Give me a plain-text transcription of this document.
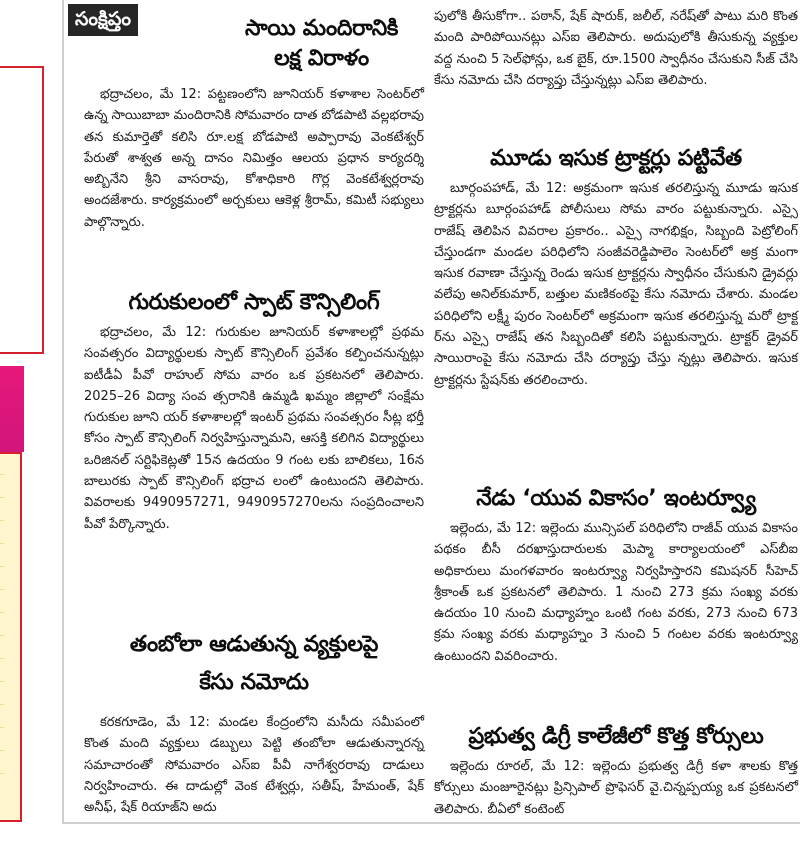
సంక్షిప్తం	సాయి మందిరానికి

లక్ష విరాళం

భద్రాచలం, మే 12: పట్టణంలోని జూనియర్ కళాశాల సెంటర్‌లో ఉన్న సాయిబాబా మందిరానికి సోమవారం దాత బోడపాటి వల్లభరావు తన కుమార్తెతో కలిసి రూ.లక్ష బోడపాటి అప్పారావు వెంకటేశ్వర్ పేరుతో శాశ్వత అన్న దానం నిమిత్తం ఆలయ ప్రధాన కార్యదర్శి అబ్బినేని శ్రీని వాసరావు, కోశాధికారి గొర్ల వెంకటేశ్వర్లరావు అందజేశారు. కార్యక్రమంలో అర్చకులు ఆకెళ్ల శ్రీరామ్, కమిటీ సభ్యులు పాల్గొన్నారు.

గురుకులంలో స్పాట్ కౌన్సిలింగ్

భద్రాచలం, మే 12: గురుకుల జూనియర్ కళాశాలల్లో ప్రథమ సంవత్సరం విద్యార్థులకు స్పాట్ కౌన్సిలింగ్ ప్రవేశం కల్పించనున్నట్లు ఐటీడీఏ పీవో రాహుల్ సోమ వారం ఒక ప్రకటనలో తెలిపారు. 2025–26 విద్యా సంవ త్సరానికి ఉమ్మడి ఖమ్మం జిల్లాలో సంక్షేమ గురుకుల జూని యర్ కళాశాలల్లో ఇంటర్ ప్రథమ సంవత్సరం సీట్ల భర్తీ కోసం స్పాట్ కౌన్సిలింగ్ నిర్వహిస్తున్నామని, ఆసక్తి కలిగిన విద్యార్థులు ఒరిజినల్ సర్టిఫికెట్లతో 15న ఉదయం 9 గంట లకు బాలికలు, 16న బాలురకు స్పాట్ కౌన్సిలింగ్ భద్రాచ లంలో ఉంటుందని తెలిపారు. వివరాలకు 9490957271, 9490957270లను సంప్రదించాలని పీవో పేర్కొన్నారు.

తంబోలా ఆడుతున్న వ్యక్తులపై

కేసు నమోదు

కరకగూడెం, మే 12: మండల కేంద్రంలోని మసీదు సమీపంలో కొంత మంది వ్యక్తులు డబ్బులు పెట్టి తంబోలా ఆడుతున్నారన్న సమాచారంతో సోమవారం ఎస్ఐ పీవీ నాగేశ్వరరావు దాడులు నిర్వహించారు. ఈ దాడుల్లో వెంక టేశ్వర్లు, సతీష్, హేమంత్, షేక్ అనీఫ్, షేక్ రియాజ్‌ని అదు

పులోకి తీసుకోగా.. పఠాన్, షేక్ షారుక్, జలీల్, నరేష్‌తో పాటు మరి కొంత మంది పారిపోయినట్లు ఎస్ఐ తెలిపారు. అదుపులోకి తీసుకున్న వ్యక్తుల వద్ద నుంచి 5 సెల్‌ఫోన్లు, ఒక బైక్, రూ.1500 స్వాధీనం చేసుకుని సీజ్ చేసి కేసు నమోదు చేసి దర్యాప్తు చేస్తున్నట్లు ఎస్ఐ తెలిపారు.

మూడు ఇసుక ట్రాక్టర్లు పట్టివేత

బూర్గంపహాడ్, మే 12: అక్రమంగా ఇసుక తరలిస్తున్న మూడు ఇసుక ట్రాక్టర్లను బూర్గంపహాడ్ పోలీసులు సోమ వారం పట్టుకున్నారు. ఎస్సై రాజేష్ తెలిపిన వివరాల ప్రకారం.. ఎస్సై నాగభిక్షం, సిబ్బంది పెట్రోలింగ్ చేస్తుండగా మండల పరిధిలోని సంజీవరెడ్డిపాలెం సెంటర్‌లో అక్ర మంగా ఇసుక రవాణా చేస్తున్న రెండు ఇసుక ట్రాక్టర్లను స్వాధీనం చేసుకుని డ్రైవర్లు వలేపు అనిల్‌కుమార్, బత్తుల మణికంఠపై కేసు నమోదు చేశారు. మండల పరిధిలోని లక్ష్మీ పురం సెంటర్‌లో అక్రమంగా ఇసుక తరలిస్తున్న మరో ట్రాక్ట ర్‌ను ఎస్సై రాజేష్ తన సిబ్బందితో కలిసి పట్టుకున్నారు. ట్రాక్టర్ డ్రైవర్ సాయిరాంపై కేసు నమోదు చేసి దర్యాప్తు చేస్తు న్నట్లు తెలిపారు. ఇసుక ట్రాక్టర్లను స్టేషన్‌కు తరలించారు.

నేడు ‘యువ వికాసం’ ఇంటర్వ్యూ

ఇల్లెందు, మే 12: ఇల్లెందు మున్సిపల్ పరిధిలోని రాజీవ్ యువ వికాసం పథకం బీసీ దరఖాస్తుదారులకు మెప్మా కార్యాలయంలో ఎస్‌బీఐ అధికారులు మంగళవారం ఇంటర్వ్యూ నిర్వహిస్తారని కమిషనర్ సీహెచ్ శ్రీకాంత్ ఒక ప్రకటనలో తెలిపారు. 1 నుంచి 273 క్రమ సంఖ్య వరకు ఉదయం 10 నుంచి మధ్యాహ్నం ఒంటి గంట వరకు, 273 నుంచి 673 క్రమ సంఖ్య వరకు మధ్యాహ్నం 3 నుంచి 5 గంటల వరకు ఇంటర్వ్యూ ఉంటుందని వివరించారు.

ప్రభుత్వ డిగ్రీ కాలేజీలో కొత్త కోర్సులు

ఇల్లెందు రూరల్, మే 12: ఇల్లెందు ప్రభుత్వ డిగ్రీ కళా శాలకు కొత్త కోర్సులు మంజూరైనట్లు ప్రిన్సిపాల్ ప్రొఫెసర్ వై.చిన్నప్పయ్య ఒక ప్రకటనలో తెలిపారు. బీఏలో కంటెంట్
